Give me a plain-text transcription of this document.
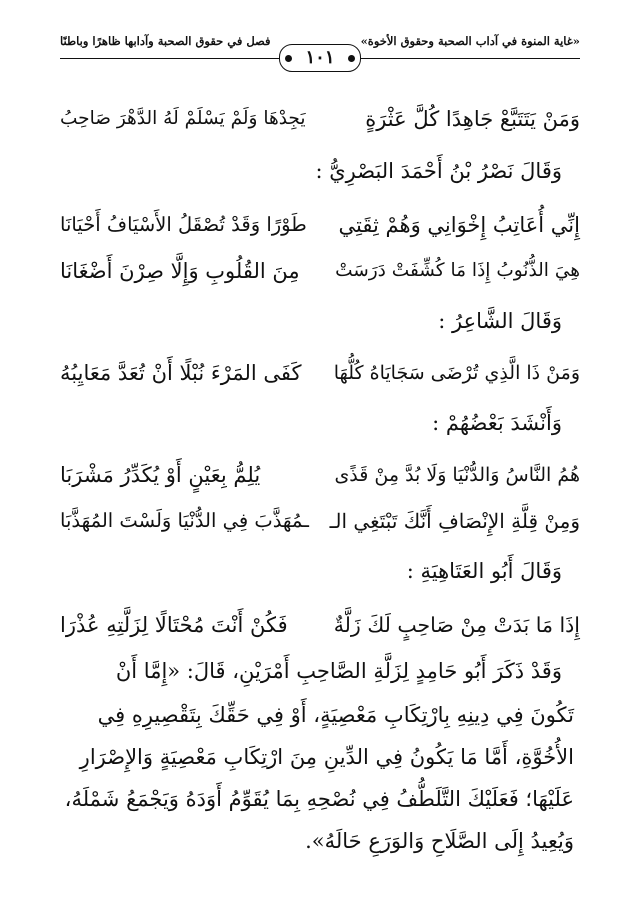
«غاية المنوة في آداب الصحبة وحقوق الأخوة»
فصل في حقوق الصحبة وآدابها ظاهرًا وباطنًا
١٠١
وَمَنْ يَتَتَبَّعْ جَاهِدًا كُلَّ عَثْرَةٍ
يَجِدْهَا وَلَمْ يَسْلَمْ لَهُ الدَّهْرَ صَاحِبُ
وَقَالَ نَصْرُ بْنُ أَحْمَدَ البَصْرِيُّ :
إِنِّي أُعَاتِبُ إِخْوَانِي وَهُمْ ثِقَتِي
طَوْرًا وَقَدْ تُصْقَلُ الأَسْيَافُ أَحْيَانَا
هِيَ الذُّنُوبُ إِذَا مَا كُشِّفَتْ دَرَسَتْ
مِنَ القُلُوبِ وَإِلَّا صِرْنَ أَضْغَانَا
وَقَالَ الشَّاعِرُ :
وَمَنْ ذَا الَّذِي تُرْضَى سَجَايَاهُ كُلُّهَا
كَفَى المَرْءَ نُبْلًا أَنْ تُعَدَّ مَعَايِبُهُ
وَأَنْشَدَ بَعْضُهُمْ :
هُمُ النَّاسُ وَالدُّنْيَا وَلَا بُدَّ مِنْ قَذًى
يُلِمُّ بِعَيْنٍ أَوْ يُكَدِّرُ مَشْرَبَا
وَمِنْ قِلَّةِ الإِنْصَافِ أَنَّكَ تَبْتَغِي الـ
ـمُهَذَّبَ فِي الدُّنْيَا وَلَسْتَ المُهَذَّبَا
وَقَالَ أَبُو العَتَاهِيَةِ :
إِذَا مَا بَدَتْ مِنْ صَاحِبٍ لَكَ زَلَّةٌ
فَكُنْ أَنْتَ مُحْتَالًا لِزَلَّتِهِ عُذْرَا
وَقَدْ ذَكَرَ أَبُو حَامِدٍ لِزَلَّةِ الصَّاحِبِ أَمْرَيْنِ، قَالَ: «إِمَّا أَنْ
تَكُونَ فِي دِينِهِ بِارْتِكَابِ مَعْصِيَةٍ، أَوْ فِي حَقِّكَ بِتَقْصِيرِهِ فِي
الأُخُوَّةِ، أَمَّا مَا يَكُونُ فِي الدِّينِ مِنَ ارْتِكَابِ مَعْصِيَةٍ وَالإِصْرَارِ
عَلَيْهَا؛ فَعَلَيْكَ التَّلَطُّفُ فِي نُصْحِهِ بِمَا يُقَوِّمُ أَوَدَهُ وَيَجْمَعُ شَمْلَهُ،
وَيُعِيدُ إِلَى الصَّلَاحِ وَالوَرَعِ حَالَهُ».
